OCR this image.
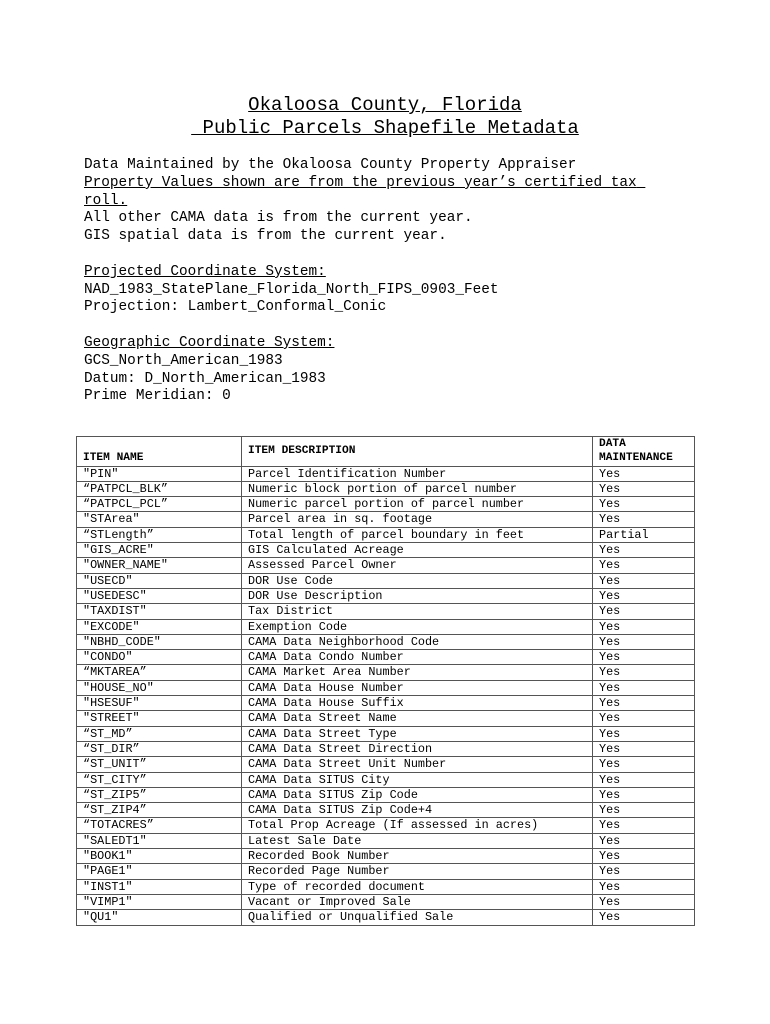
Okaloosa County, Florida
Public Parcels Shapefile Metadata

Data Maintained by the Okaloosa County Property Appraiser

Property Values shown are from the previous year’s certified tax roll.

All other CAMA data is from the current year.

GIS spatial data is from the current year.

Projected Coordinate System:

NAD_1983_StatePlane_Florida_North_FIPS_0903_Feet

Projection: Lambert_Conformal_Conic

Geographic Coordinate System:

GCS_North_American_1983

Datum: D_North_American_1983

Prime Meridian: 0

ITEM NAME	ITEM DESCRIPTION	DATA
MAINTENANCE

"PIN"	Parcel Identification Number	Yes
“PATPCL_BLK”	Numeric block portion of parcel number	Yes
“PATPCL_PCL”	Numeric parcel portion of parcel number	Yes
"STArea"	Parcel area in sq. footage	Yes
“STLength”	Total length of parcel boundary in feet	Partial
"GIS_ACRE"	GIS Calculated Acreage	Yes
"OWNER_NAME"	Assessed Parcel Owner	Yes
"USECD"	DOR Use Code	Yes
"USEDESC"	DOR Use Description	Yes
"TAXDIST"	Tax District	Yes
"EXCODE"	Exemption Code	Yes
"NBHD_CODE"	CAMA Data Neighborhood Code	Yes
"CONDO"	CAMA Data Condo Number	Yes
“MKTAREA”	CAMA Market Area Number	Yes
"HOUSE_NO"	CAMA Data House Number	Yes
"HSESUF"	CAMA Data House Suffix	Yes
"STREET"	CAMA Data Street Name	Yes
“ST_MD”	CAMA Data Street Type	Yes
“ST_DIR”	CAMA Data Street Direction	Yes
“ST_UNIT”	CAMA Data Street Unit Number	Yes
“ST_CITY”	CAMA Data SITUS City	Yes
“ST_ZIP5”	CAMA Data SITUS Zip Code	Yes
“ST_ZIP4”	CAMA Data SITUS Zip Code+4	Yes
“TOTACRES”	Total Prop Acreage (If assessed in acres)	Yes
"SALEDT1"	Latest Sale Date	Yes
"BOOK1"	Recorded Book Number	Yes
"PAGE1"	Recorded Page Number	Yes
"INST1"	Type of recorded document	Yes
"VIMP1"	Vacant or Improved Sale	Yes
"QU1"	Qualified or Unqualified Sale	Yes
